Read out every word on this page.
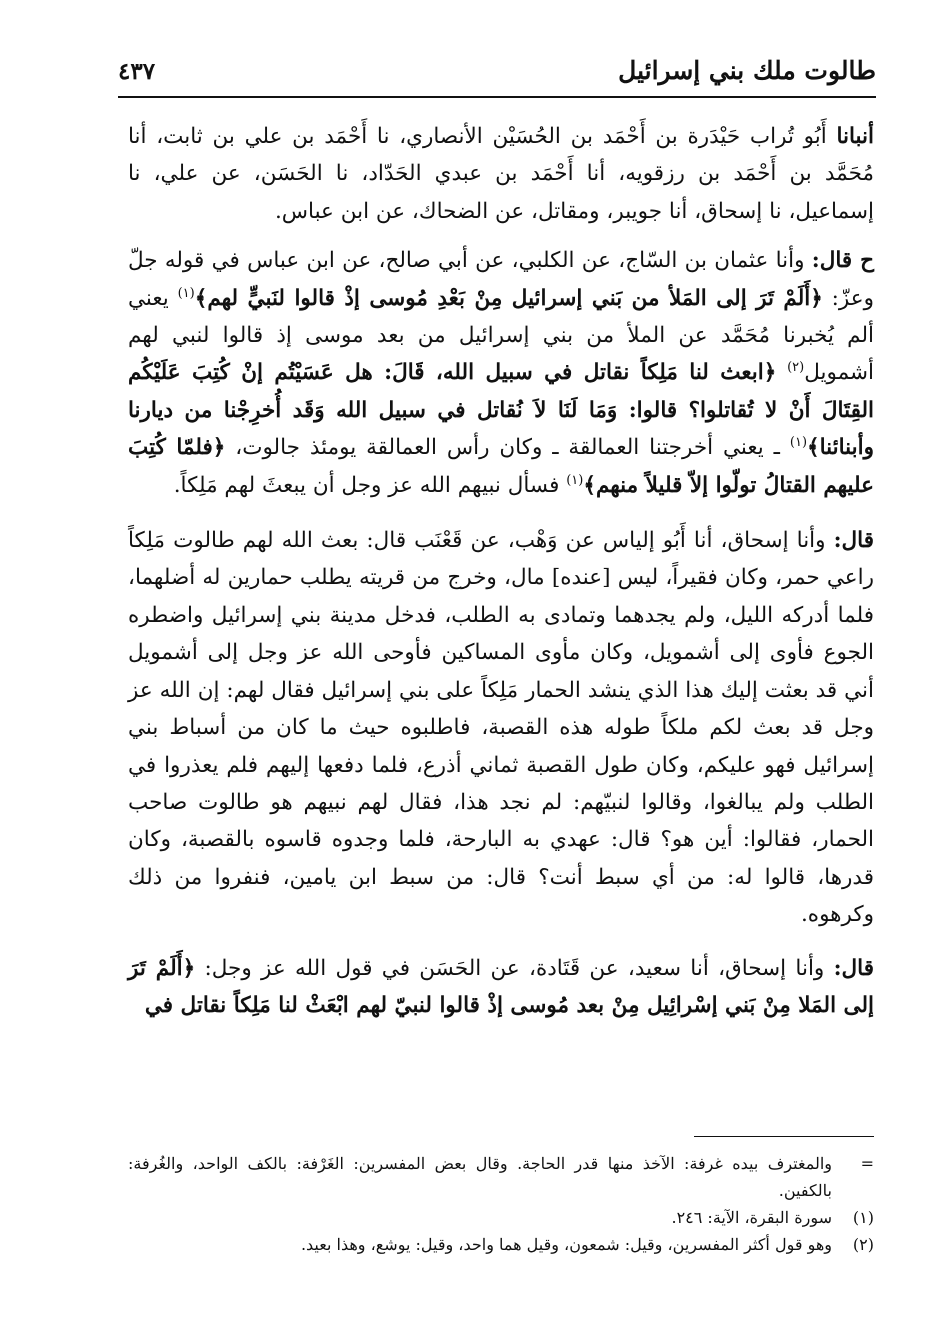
طالوت ملك بني إسرائيل
٤٣٧

أنبانا أَبُو تُراب حَيْدَرة بن أَحْمَد بن الحُسَيْن الأنصاري، نا أَحْمَد بن علي بن ثابت، أنا مُحَمَّد بن أَحْمَد بن رزقويه، أنا أَحْمَد بن عبدي الحَدّاد، نا الحَسَن، عن علي، نا إسماعيل، نا إسحاق، أنا جويبر، ومقاتل، عن الضحاك، عن ابن عباس.

ح قال: وأنا عثمان بن السّاج، عن الكلبي، عن أبي صالح، عن ابن عباس في قوله جلّ وعزّ: ﴿أَلَمْ تَرَ إلى المَلأ من بَني إسرائيل مِنْ بَعْدِ مُوسى إذْ قالوا لنَبيٍّ لهم﴾$^{(١)}$ يعني ألم يُخبرنا مُحَمَّد عن الملأ من بني إسرائيل من بعد موسى إذ قالوا لنبي لهم أشمويل$^{(٢)}$ ﴿ابعث لنا مَلِكاً نقاتل في سبيل الله، قَالَ: هل عَسَيْتُم إنْ كُتِبَ عَلَيْكُم القِتَالَ أَنْ لا تُقاتلوا؟ قالوا: وَمَا لَنَا لاَ نُقاتل في سبيل الله وَقَد أُخرِجْنا من ديارنا وأبنائنا﴾$^{(١)}$ ـ يعني أخرجتنا العمالقة ـ وكان رأس العمالقة يومئذ جالوت، ﴿فلمّا كُتِبَ عليهم القتالُ تولّوا إلاّ قليلاً منهم﴾$^{(١)}$ فسأل نبيهم الله عز وجل أن يبعثَ لهم مَلِكاً.

قال: وأنا إسحاق، أنا أَبُو إلياس عن وَهْب، عن قَعْنَب قال: بعث الله لهم طالوت مَلِكاً راعي حمر، وكان فقيراً، ليس [عنده] مال، وخرج من قريته يطلب حمارين له أضلهما، فلما أدركه الليل، ولم يجدهما وتمادى به الطلب، فدخل مدينة بني إسرائيل واضطره الجوع فأوى إلى أشمويل، وكان مأوى المساكين فأوحى الله عز وجل إلى أشمويل أني قد بعثت إليك هذا الذي ينشد الحمار مَلِكاً على بني إسرائيل فقال لهم: إن الله عز وجل قد بعث لكم ملكاً طوله هذه القصبة، فاطلبوه حيث ما كان من أسباط بني إسرائيل فهو عليكم، وكان طول القصبة ثماني أذرع، فلما دفعها إليهم فلم يعذروا في الطلب ولم يبالغوا، وقالوا لنبيّهم: لم نجد هذا، فقال لهم نبيهم هو طالوت صاحب الحمار، فقالوا: أين هو؟ قال: عهدي به البارحة، فلما وجدوه قاسوه بالقصبة، وكان قدرها، قالوا له: من أي سبط أنت؟ قال: من سبط ابن يامين، فنفروا من ذلك وكرهوه.

قال: وأنا إسحاق، أنا سعيد، عن قَتَادة، عن الحَسَن في قول الله عز وجل: ﴿أَلَمْ تَرَ إلى المَلا مِنْ بَني إسْرائِيل مِنْ بعد مُوسى إذْ قالوا لنبيّ لهم ابْعَثْ لنا مَلِكاً نقاتل في

=
والمغترف بيده غرفة: الآخذ منها قدر الحاجة. وقال بعض المفسرين: الغَرْفة: بالكف الواحد، والغُرفة: بالكفين.
(١)
سورة البقرة، الآية: ٢٤٦.
(٢)
وهو قول أكثر المفسرين، وقيل: شمعون، وقيل هما واحد، وقيل: يوشع، وهذا بعيد.
